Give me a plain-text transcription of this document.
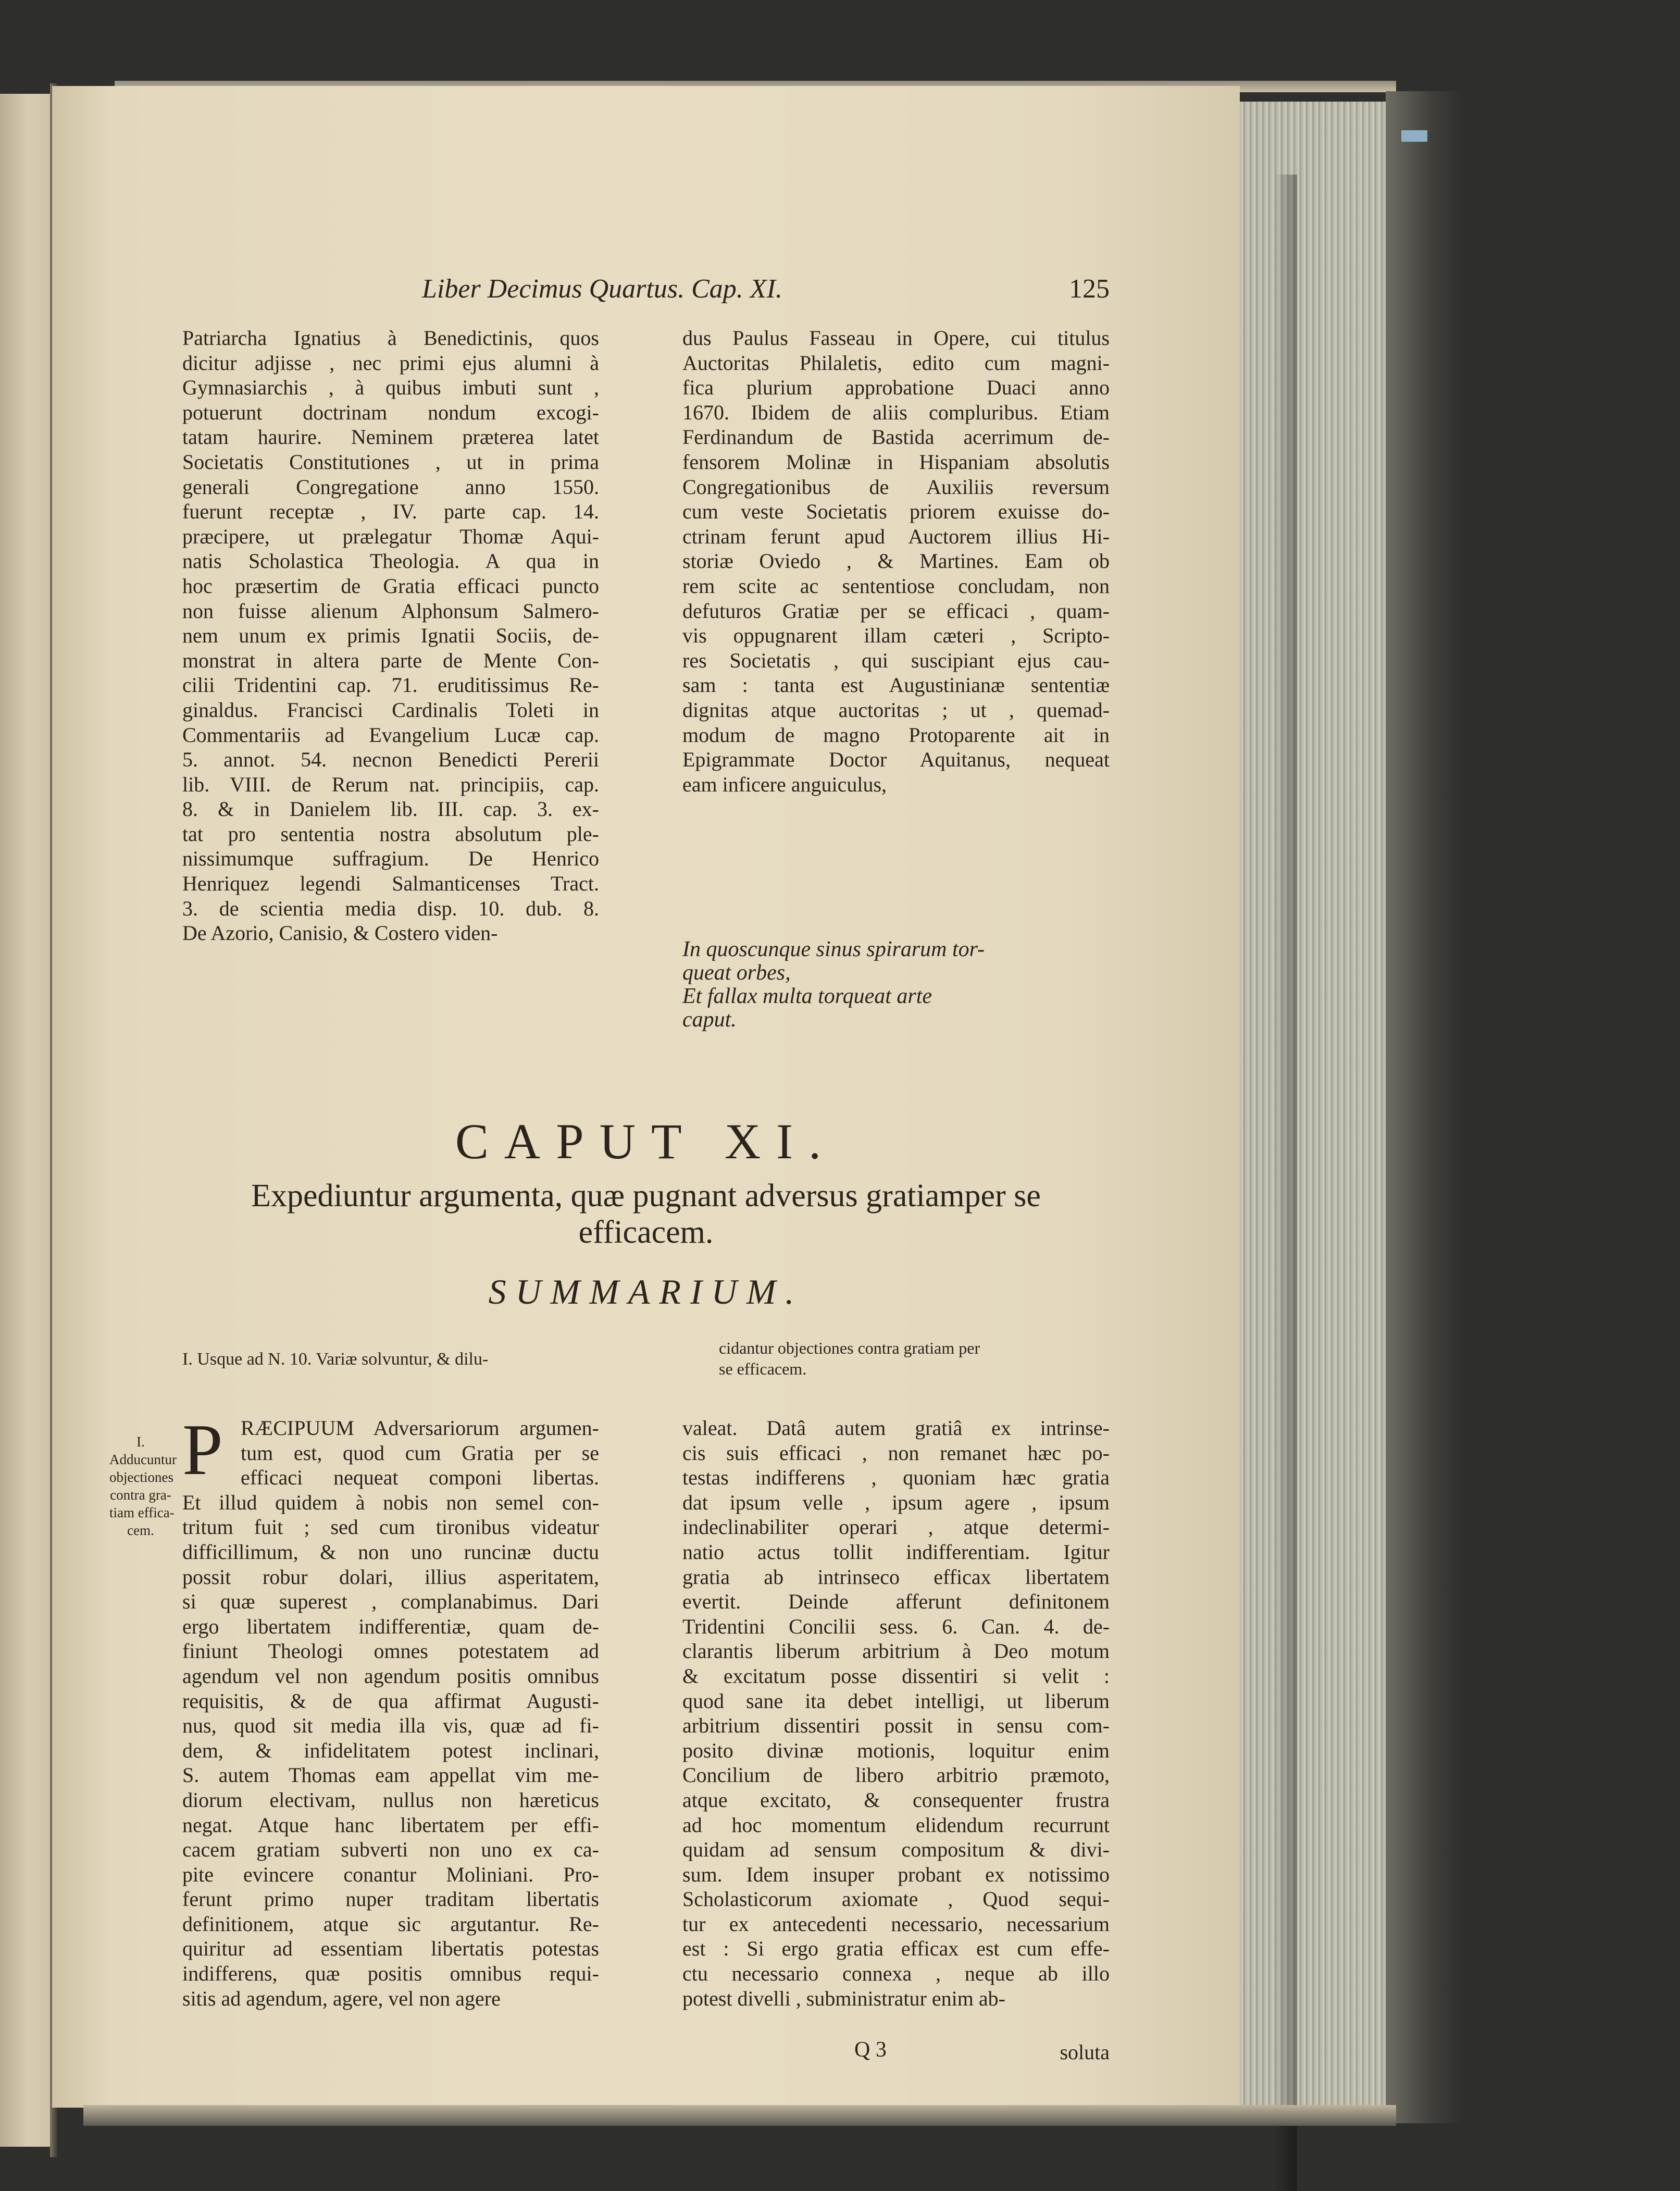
Liber Decimus Quartus. Cap. XI.	125
Patriarcha Ignatius à Benedictinis, quos
dicitur adjisse , nec primi ejus alumni à
Gymnasiarchis , à quibus imbuti sunt ,
potuerunt doctrinam nondum excogi-
tatam haurire. Neminem præterea latet
Societatis Constitutiones , ut in prima
generali Congregatione anno 1550.
fuerunt receptæ , IV. parte cap. 14.
præcipere, ut prælegatur Thomæ Aqui-
natis Scholastica Theologia. A qua in
hoc præsertim de Gratia efficaci puncto
non fuisse alienum Alphonsum Salmero-
nem unum ex primis Ignatii Sociis, de-
monstrat in altera parte de Mente Con-
cilii Tridentini cap. 71. eruditissimus Re-
ginaldus. Francisci Cardinalis Toleti in
Commentariis ad Evangelium Lucæ cap.
5. annot. 54. necnon Benedicti Pererii
lib. VIII. de Rerum nat. principiis, cap.
8. & in Danielem lib. III. cap. 3. ex-
tat pro sententia nostra absolutum ple-
nissimumque suffragium. De Henrico
Henriquez legendi Salmanticenses Tract.
3. de scientia media disp. 10. dub. 8.
De Azorio, Canisio, & Costero viden-
dus Paulus Fasseau in Opere, cui titulus
Auctoritas Philaletis, edito cum magni-
fica plurium approbatione Duaci anno
1670. Ibidem de aliis compluribus. Etiam
Ferdinandum de Bastida acerrimum de-
fensorem Molinæ in Hispaniam absolutis
Congregationibus de Auxiliis reversum
cum veste Societatis priorem exuisse do-
ctrinam ferunt apud Auctorem illius Hi-
storiæ Oviedo , & Martines. Eam ob
rem scite ac sententiose concludam, non
defuturos Gratiæ per se efficaci , quam-
vis oppugnarent illam cæteri , Scripto-
res Societatis , qui suscipiant ejus cau-
sam : tanta est Augustinianæ sententiæ
dignitas atque auctoritas ; ut , quemad-
modum de magno Protoparente ait in
Epigrammate Doctor Aquitanus, nequeat
eam inficere anguiculus,
In quoscunque sinus spirarum tor-
queat orbes,
Et fallax multa torqueat arte
caput.
CAPUT XI.
Expediuntur argumenta, quæ pugnant adversus gratiamper se efficacem.
SUMMARIUM.
I. Usque ad N. 10. Variæ solvuntur, & dilu-
cidantur objectiones contra gratiam per
se efficacem.
I.
Adducuntur
objectiones
contra gra-
tiam effica-
cem.
P RÆCIPUUM Adversariorum argumen-
tum est, quod cum Gratia per se
efficaci nequeat componi libertas.
Et illud quidem à nobis non semel con-
tritum fuit ; sed cum tironibus videatur
difficillimum, & non uno runcinæ ductu
possit robur dolari, illius asperitatem,
si quæ superest , complanabimus. Dari
ergo libertatem indifferentiæ, quam de-
finiunt Theologi omnes potestatem ad
agendum vel non agendum positis omnibus
requisitis, & de qua affirmat Augusti-
nus, quod sit media illa vis, quæ ad fi-
dem, & infidelitatem potest inclinari,
S. autem Thomas eam appellat vim me-
diorum electivam, nullus non hæreticus
negat. Atque hanc libertatem per effi-
cacem gratiam subverti non uno ex ca-
pite evincere conantur Moliniani. Pro-
ferunt primo nuper traditam libertatis
definitionem, atque sic argutantur. Re-
quiritur ad essentiam libertatis potestas
indifferens, quæ positis omnibus requi-
sitis ad agendum, agere, vel non agere
valeat. Datâ autem gratiâ ex intrinse-
cis suis efficaci , non remanet hæc po-
testas indifferens , quoniam hæc gratia
dat ipsum velle , ipsum agere , ipsum
indeclinabiliter operari , atque determi-
natio actus tollit indifferentiam. Igitur
gratia ab intrinseco efficax libertatem
evertit. Deinde afferunt definitonem
Tridentini Concilii sess. 6. Can. 4. de-
clarantis liberum arbitrium à Deo motum
& excitatum posse dissentiri si velit :
quod sane ita debet intelligi, ut liberum
arbitrium dissentiri possit in sensu com-
posito divinæ motionis, loquitur enim
Concilium de libero arbitrio præmoto,
atque excitato, & consequenter frustra
ad hoc momentum elidendum recurrunt
quidam ad sensum compositum & divi-
sum. Idem insuper probant ex notissimo
Scholasticorum axiomate , Quod sequi-
tur ex antecedenti necessario, necessarium
est : Si ergo gratia efficax est cum effe-
ctu necessario connexa , neque ab illo
potest divelli , subministratur enim ab-
Q 3	soluta
